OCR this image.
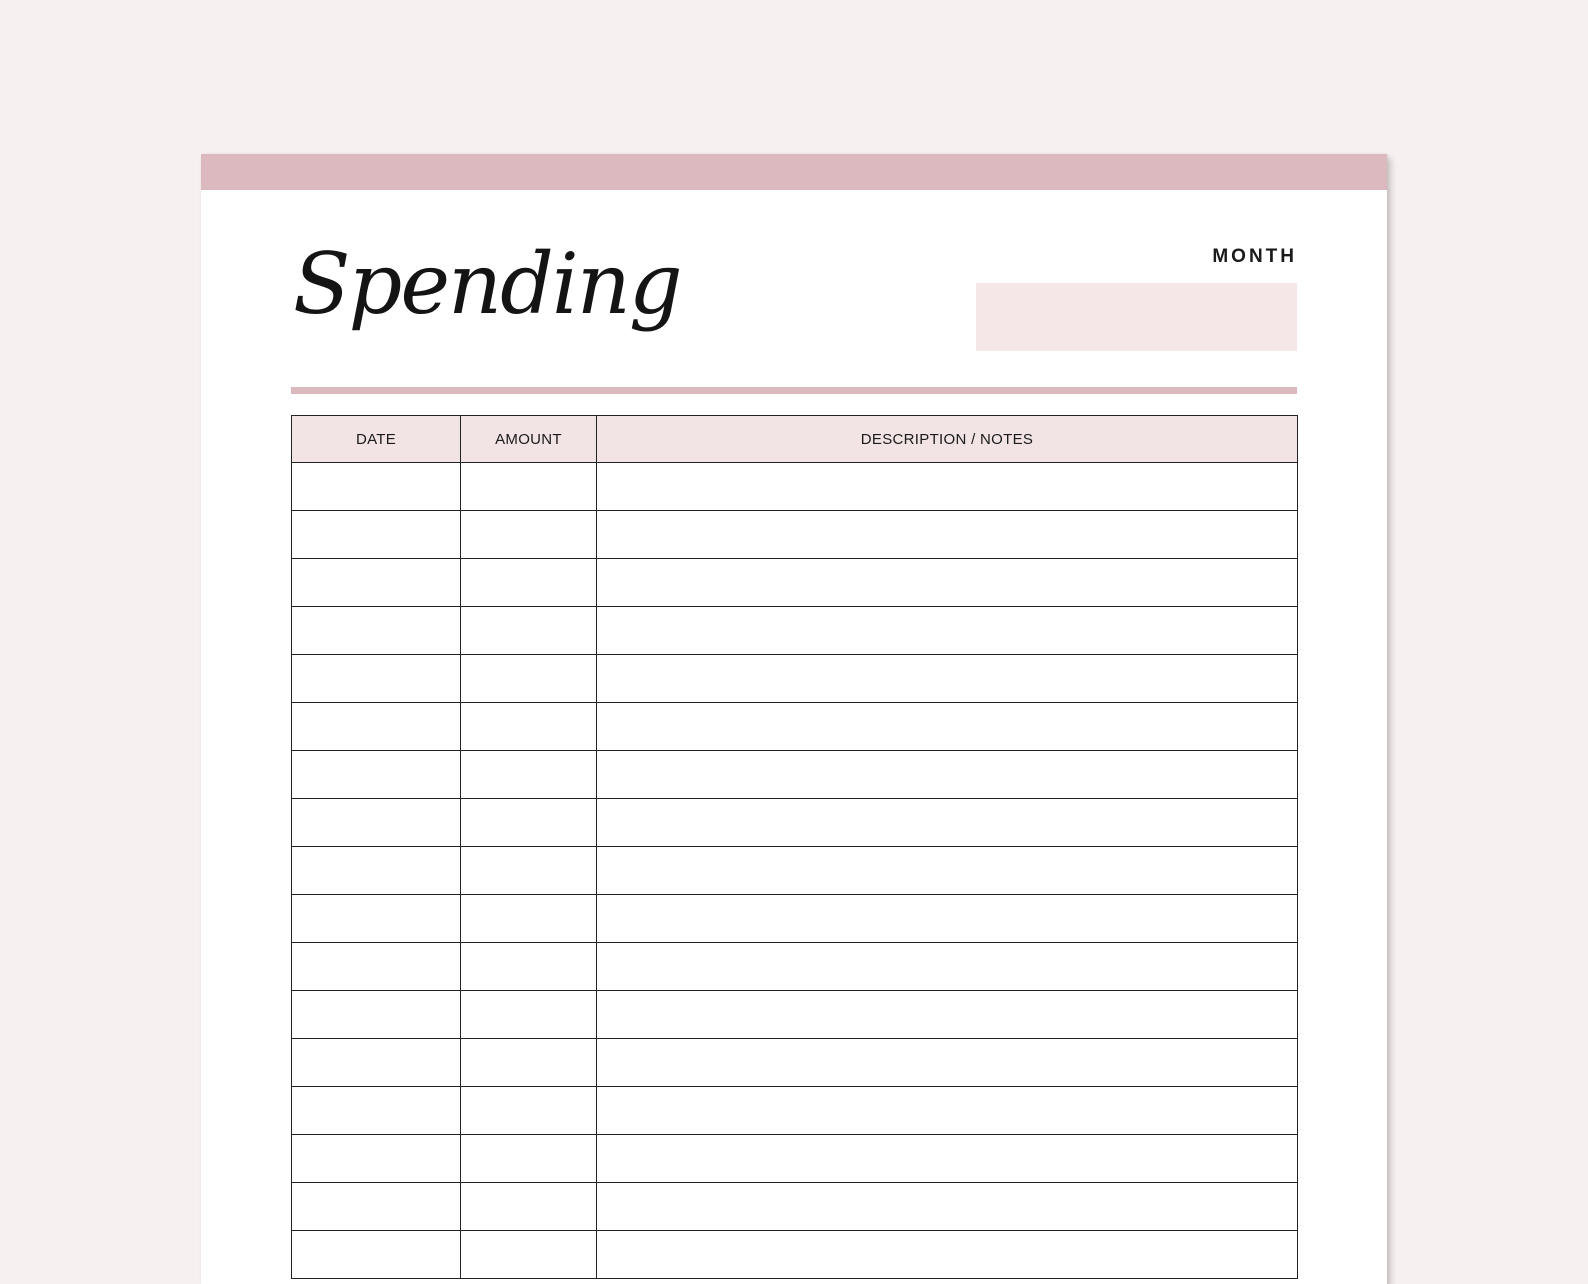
Spending	MONTH
DATE	AMOUNT	DESCRIPTION / NOTES
